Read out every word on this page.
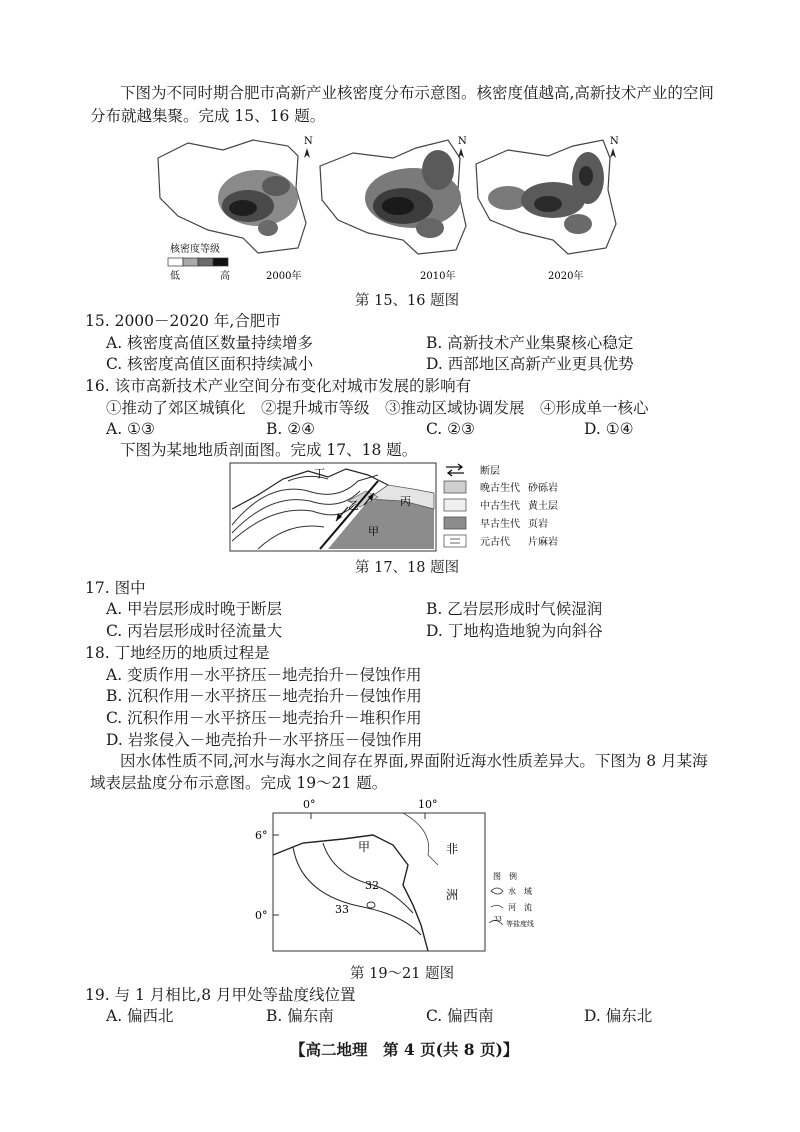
下图为不同时期合肥市高新产业核密度分布示意图。核密度值越高,高新技术产业的空间
分布就越集聚。完成 15、16 题。
N	N	N
核密度等级
低	高	2000年	2010年	2020年
第 15、16 题图
15. 2000－2020 年,合肥市
A. 核密度高值区数量持续增多	B. 高新技术产业集聚核心稳定
C. 核密度高值区面积持续减小	D. 西部地区高新产业更具优势
16. 该市高新技术产业空间分布变化对城市发展的影响有
①推动了郊区城镇化　②提升城市等级　③推动区域协调发展　④形成单一核心
A. ①③	B. ②④	C. ②③	D. ①④
下图为某地地质剖面图。完成 17、18 题。
丁
丙
乙
甲
断层
晚古生代 砂砾岩
中古生代 黄土层
早古生代 页岩
元古代 片麻岩
第 17、18 题图
17. 图中
A. 甲岩层形成时晚于断层	B. 乙岩层形成时气候湿润
C. 丙岩层形成时径流量大	D. 丁地构造地貌为向斜谷
18. 丁地经历的地质过程是
A. 变质作用－水平挤压－地壳抬升－侵蚀作用
B. 沉积作用－水平挤压－地壳抬升－侵蚀作用
C. 沉积作用－水平挤压－地壳抬升－堆积作用
D. 岩浆侵入－地壳抬升－水平挤压－侵蚀作用
因水体性质不同,河水与海水之间存在界面,界面附近海水性质差异大。下图为 8 月某海
域表层盐度分布示意图。完成 19～21 题。
0°	10°
6°
0°
甲
32
33
非
洲
图　例
水　域
河　流
33
等盐度线
第 19～21 题图
19. 与 1 月相比,8 月甲处等盐度线位置
A. 偏西北	B. 偏东南	C. 偏西南	D. 偏东北
【高二地理　第 4 页(共 8 页)】
